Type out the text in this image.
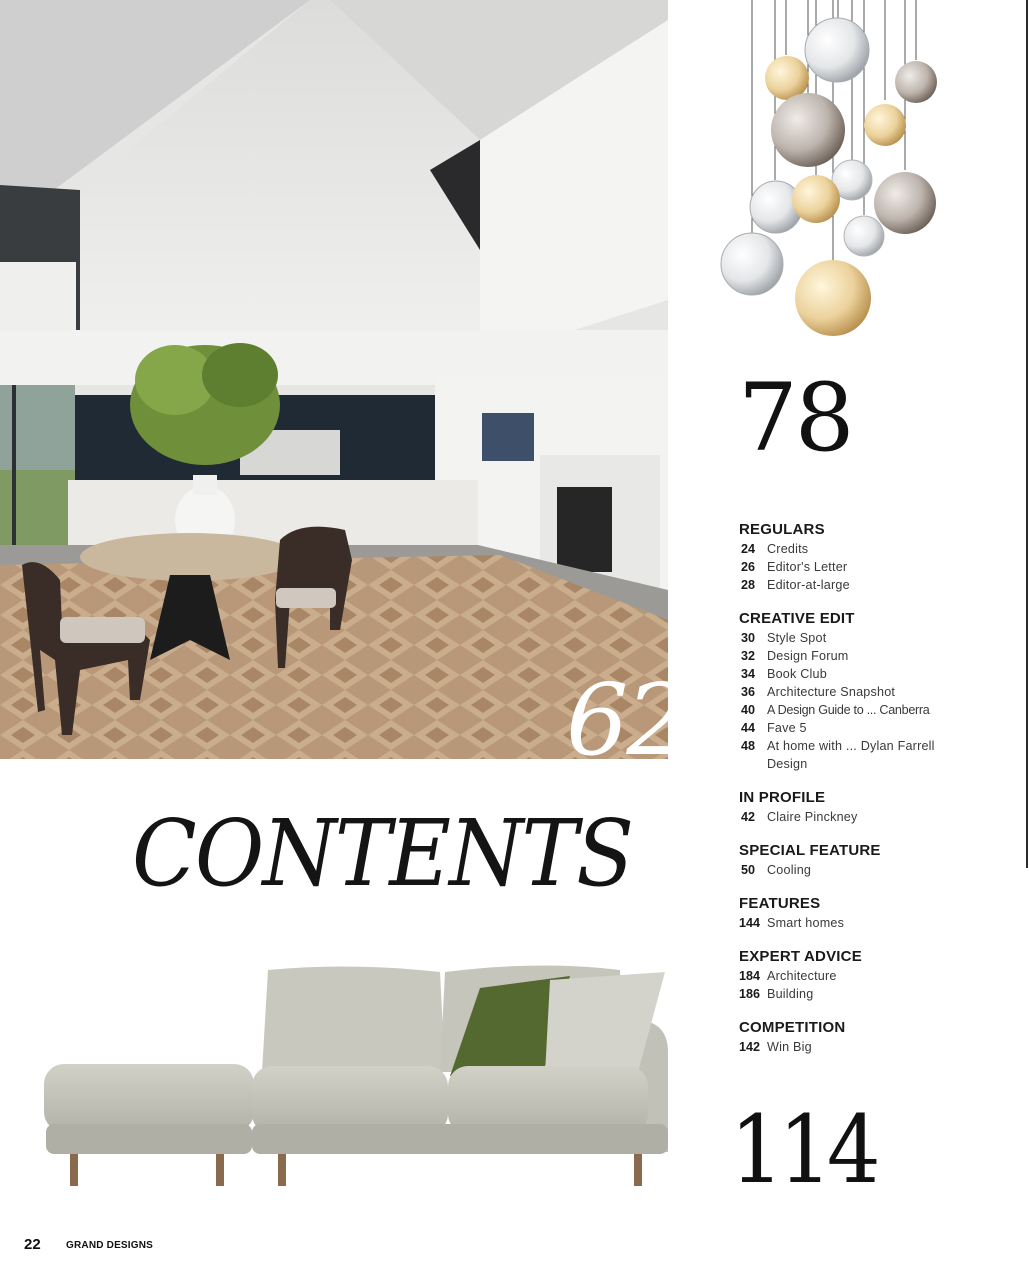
62
78
CONTENTS
114
REGULARS
24 Credits
26 Editor's Letter
28 Editor-at-large
CREATIVE EDIT
30 Style Spot
32 Design Forum
34 Book Club
36 Architecture Snapshot
40 A Design Guide to ... Canberra
44 Fave 5
48 At home with ... Dylan Farrell Design
IN PROFILE
42 Claire Pinckney
SPECIAL FEATURE
50 Cooling
FEATURES
144 Smart homes
EXPERT ADVICE
184 Architecture
186 Building
COMPETITION
142 Win Big
22	GRAND DESIGNS
